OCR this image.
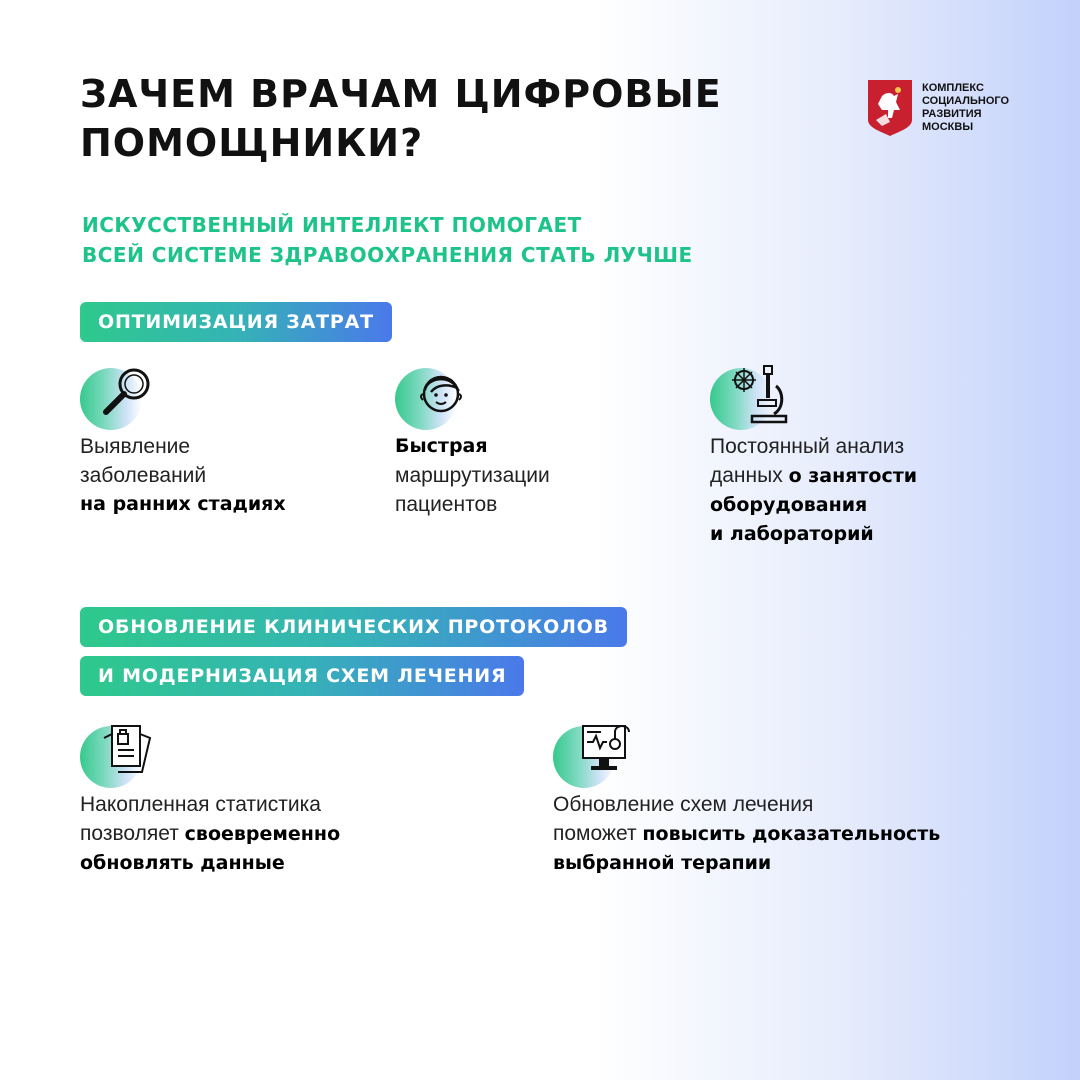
ЗАЧЕМ ВРАЧАМ ЦИФРОВЫЕ
ПОМОЩНИКИ?
КОМПЛЕКС
СОЦИАЛЬНОГО
РАЗВИТИЯ
МОСКВЫ
ИСКУССТВЕННЫЙ ИНТЕЛЛЕКТ ПОМОГАЕТ
ВСЕЙ СИСТЕМЕ ЗДРАВООХРАНЕНИЯ СТАТЬ ЛУЧШЕ
ОПТИМИЗАЦИЯ ЗАТРАТ
Выявление
заболеваний
на ранних стадиях
Быстрая
маршрутизации
пациентов
Постоянный анализ
данных о занятости
оборудования
и лабораторий
ОБНОВЛЕНИЕ КЛИНИЧЕСКИХ ПРОТОКОЛОВ
И МОДЕРНИЗАЦИЯ СХЕМ ЛЕЧЕНИЯ
Накопленная статистика
позволяет своевременно
обновлять данные
Обновление схем лечения
поможет повысить доказательность
выбранной терапии
